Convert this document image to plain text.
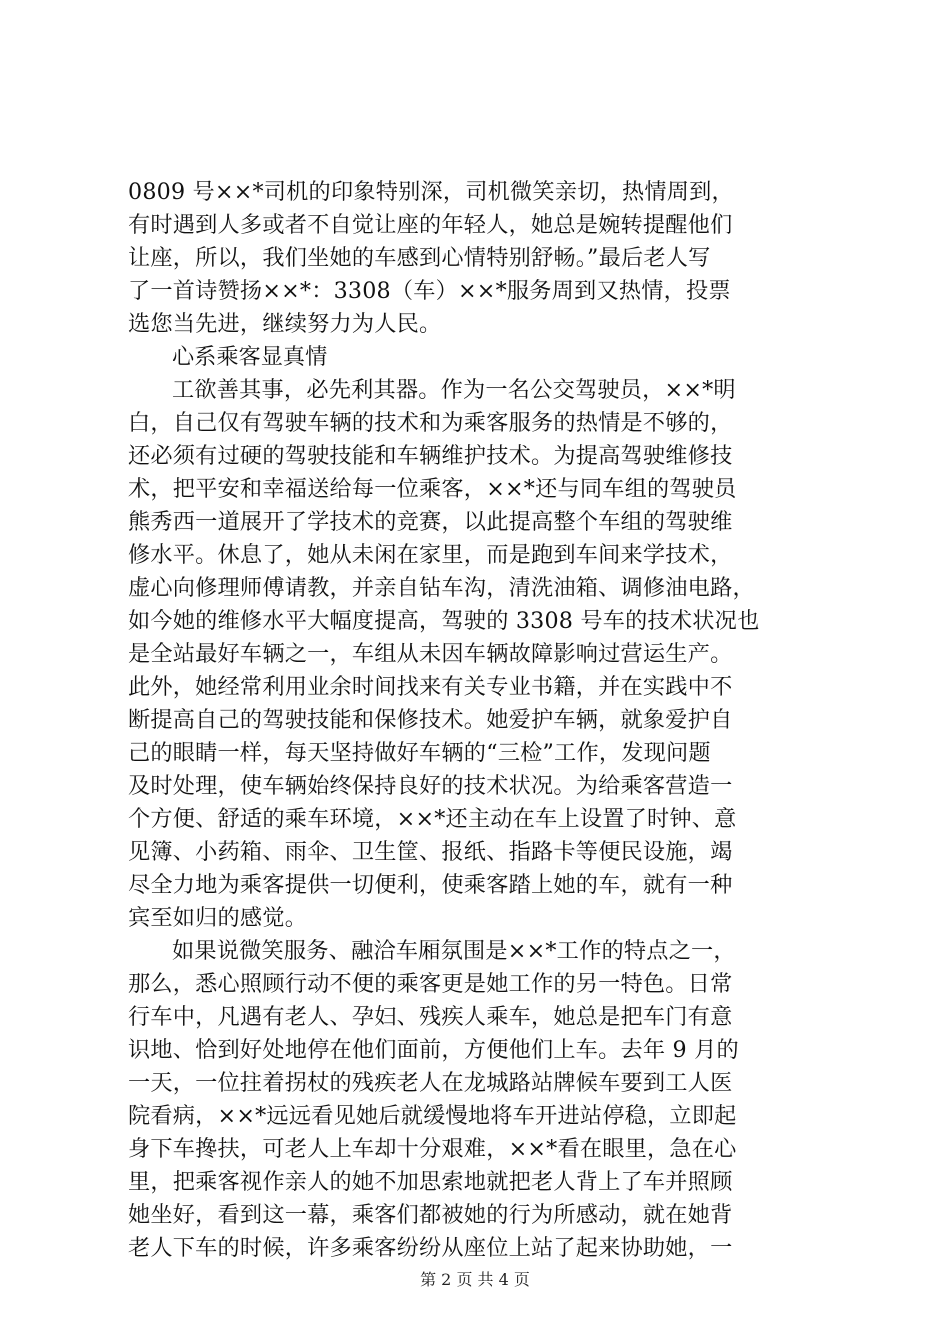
0809 号××*司机的印象特别深，司机微笑亲切，热情周到，
有时遇到人多或者不自觉让座的年轻人，她总是婉转提醒他们
让座，所以，我们坐她的车感到心情特别舒畅。”最后老人写
了一首诗赞扬××*：3308（车）××*服务周到又热情，投票
选您当先进，继续努力为人民。
心系乘客显真情
工欲善其事，必先利其器。作为一名公交驾驶员，××*明
白，自己仅有驾驶车辆的技术和为乘客服务的热情是不够的，
还必须有过硬的驾驶技能和车辆维护技术。为提高驾驶维修技
术，把平安和幸福送给每一位乘客，××*还与同车组的驾驶员
熊秀西一道展开了学技术的竞赛，以此提高整个车组的驾驶维
修水平。休息了，她从未闲在家里，而是跑到车间来学技术，
虚心向修理师傅请教，并亲自钻车沟，清洗油箱、调修油电路，
如今她的维修水平大幅度提高，驾驶的 3308 号车的技术状况也
是全站最好车辆之一，车组从未因车辆故障影响过营运生产。
此外，她经常利用业余时间找来有关专业书籍，并在实践中不
断提高自己的驾驶技能和保修技术。她爱护车辆，就象爱护自
己的眼睛一样，每天坚持做好车辆的“三检”工作，发现问题
及时处理，使车辆始终保持良好的技术状况。为给乘客营造一
个方便、舒适的乘车环境，××*还主动在车上设置了时钟、意
见簿、小药箱、雨伞、卫生筐、报纸、指路卡等便民设施，竭
尽全力地为乘客提供一切便利，使乘客踏上她的车，就有一种
宾至如归的感觉。
如果说微笑服务、融洽车厢氛围是××*工作的特点之一，
那么，悉心照顾行动不便的乘客更是她工作的另一特色。日常
行车中，凡遇有老人、孕妇、残疾人乘车，她总是把车门有意
识地、恰到好处地停在他们面前，方便他们上车。去年 9 月的
一天，一位拄着拐杖的残疾老人在龙城路站牌候车要到工人医
院看病，××*远远看见她后就缓慢地将车开进站停稳，立即起
身下车搀扶，可老人上车却十分艰难，××*看在眼里，急在心
里，把乘客视作亲人的她不加思索地就把老人背上了车并照顾
她坐好，看到这一幕，乘客们都被她的行为所感动，就在她背
老人下车的时候，许多乘客纷纷从座位上站了起来协助她，一
第 2 页 共 4 页
